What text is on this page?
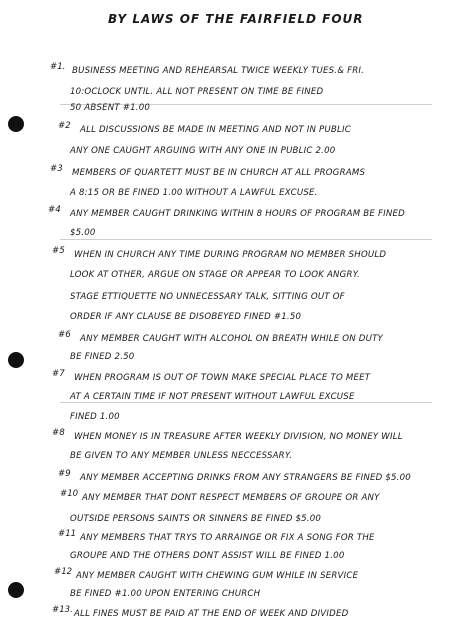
BY LAWS OF THE FAIRFIELD FOUR
#1. BUSINESS MEETING AND REHEARSAL TWICE WEEKLY TUES.& FRI.
10:OCLOCK UNTIL. ALL NOT PRESENT ON TIME BE FINED
50 ABSENT #1.00
#2 ALL DISCUSSIONS BE MADE IN MEETING AND NOT IN PUBLIC
ANY ONE CAUGHT ARGUING WITH ANY ONE IN PUBLIC 2.00
#3 MEMBERS OF QUARTETT MUST BE IN CHURCH AT ALL PROGRAMS
A 8:15 OR BE FINED 1.00 WITHOUT A LAWFUL EXCUSE.
#4 ANY MEMBER CAUGHT DRINKING WITHIN 8 HOURS OF PROGRAM BE FINED
$5.00
#5 WHEN IN CHURCH ANY TIME DURING PROGRAM NO MEMBER SHOULD
LOOK AT OTHER, ARGUE ON STAGE OR APPEAR TO LOOK ANGRY.
STAGE ETTIQUETTE NO UNNECESSARY TALK, SITTING OUT OF
ORDER IF ANY CLAUSE BE DISOBEYED FINED #1.50
#6 ANY MEMBER CAUGHT WITH ALCOHOL ON BREATH WHILE ON DUTY
BE FINED 2.50
#7 WHEN PROGRAM IS OUT OF TOWN MAKE SPECIAL PLACE TO MEET
AT A CERTAIN TIME IF NOT PRESENT WITHOUT LAWFUL EXCUSE
FINED 1.00
#8 WHEN MONEY IS IN TREASURE AFTER WEEKLY DIVISION, NO MONEY WILL
BE GIVEN TO ANY MEMBER UNLESS NECCESSARY.
#9 ANY MEMBER ACCEPTING DRINKS FROM ANY STRANGERS BE FINED $5.00
#10 ANY MEMBER THAT DONT RESPECT MEMBERS OF GROUPE OR ANY
OUTSIDE PERSONS SAINTS OR SINNERS BE FINED $5.00
#11 ANY MEMBERS THAT TRYS TO ARRAINGE OR FIX A SONG FOR THE
GROUPE AND THE OTHERS DONT ASSIST WILL BE FINED 1.00
#12 ANY MEMBER CAUGHT WITH CHEWING GUM WHILE IN SERVICE
BE FINED #1.00 UPON ENTERING CHURCH
#13. ALL FINES MUST BE PAID AT THE END OF WEEK AND DIVIDED
